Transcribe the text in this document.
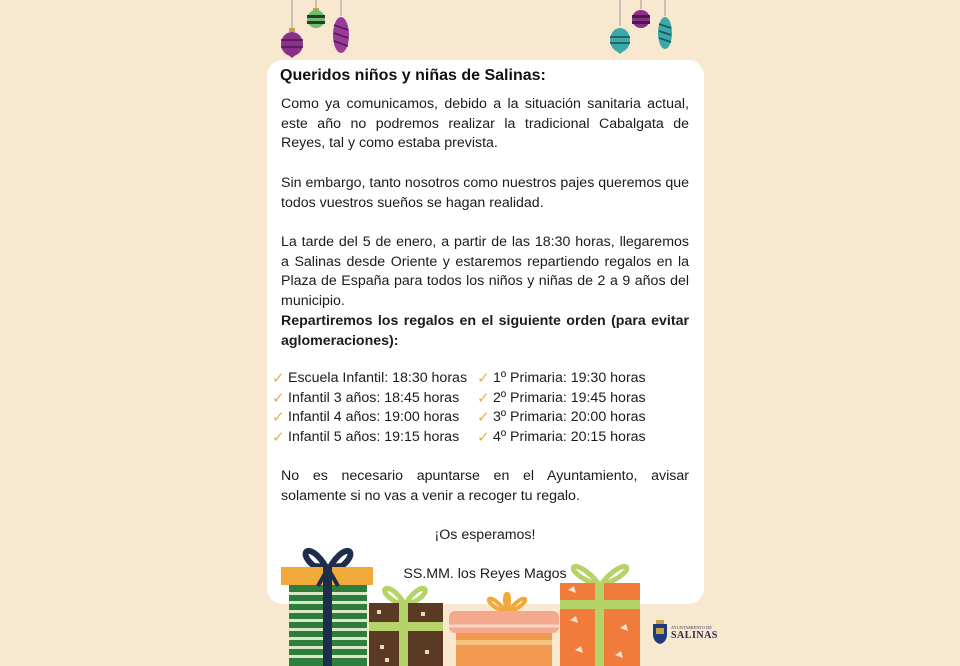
Queridos niños y niñas de Salinas:

Como ya comunicamos, debido a la situación sanitaria actual, este año no podremos realizar la tradicional Cabalgata de Reyes, tal y como estaba prevista.

Sin embargo, tanto nosotros como nuestros pajes queremos que todos vuestros sueños se hagan realidad.

La tarde del 5 de enero, a partir de las 18:30 horas, llegaremos a Salinas desde Oriente y estaremos repartiendo regalos en la Plaza de España para todos los niños y niñas de 2 a 9 años del municipio.

Repartiremos los regalos en el siguiente orden (para evitar aglomeraciones):

✓ Escuela Infantil: 18:30 horas
✓ Infantil 3 años: 18:45 horas
✓ Infantil 4 años: 19:00 horas
✓ Infantil 5 años: 19:15 horas
✓ 1º Primaria: 19:30 horas
✓ 2º Primaria: 19:45 horas
✓ 3º Primaria: 20:00 horas
✓ 4º Primaria: 20:15 horas

No es necesario apuntarse en el Ayuntamiento, avisar solamente si no vas a venir a recoger tu regalo.

¡Os esperamos!

SS.MM. los Reyes Magos

AYUNTAMIENTO DE
SALINAS
